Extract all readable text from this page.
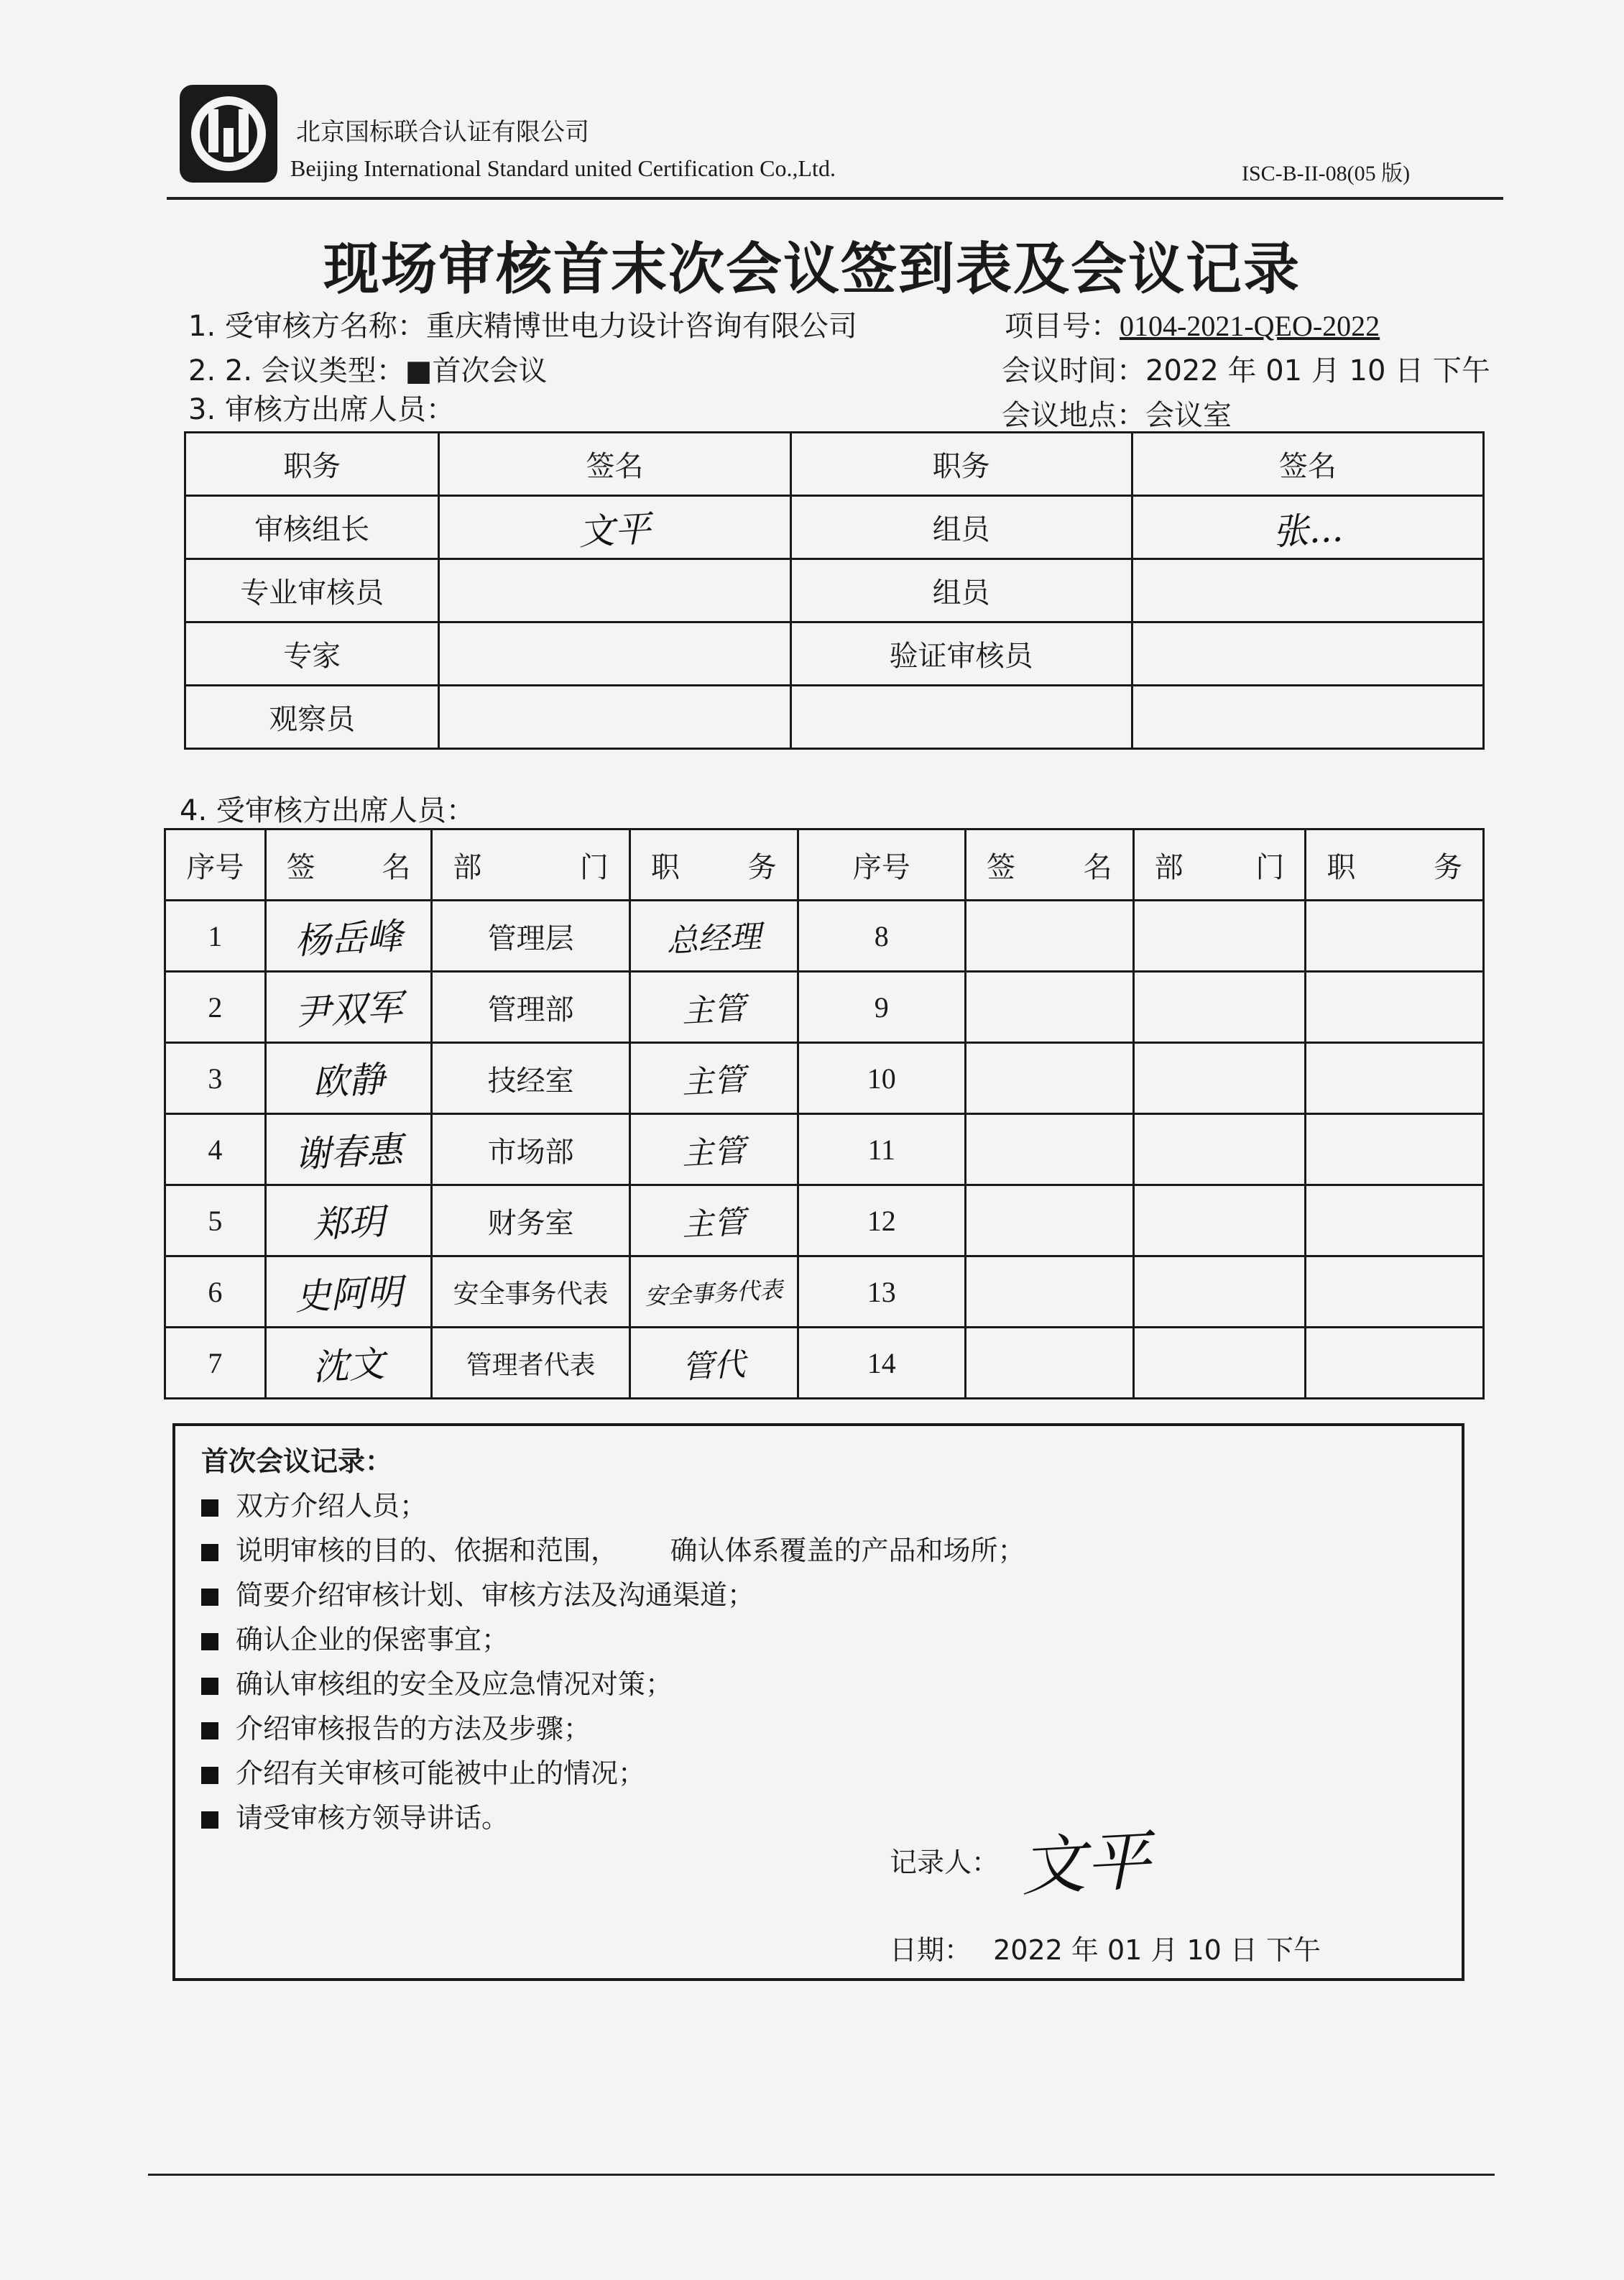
北京国标联合认证有限公司
Beijing International Standard united Certification Co.,Ltd.	ISC-B-II-08(05 版)
现场审核首末次会议签到表及会议记录
1. 受审核方名称：重庆精博世电力设计咨询有限公司	项目号：0104-2021-QEO-2022
2. 2. 会议类型：■首次会议	会议时间：2022 年 01 月 10 日 下午
3. 审核方出席人员：	会议地点：会议室
职务	签名	职务	签名
审核组长	文平	组员	张...
专业审核员		组员	
专家		验证审核员	
观察员			
4. 受审核方出席人员：
序号	签 名	部 门	职 务	序号	签 名	部 门	职 务

1	杨岳峰	管理层	总经理	8			
2	尹双军	管理部	主管	9			
3	欧静	技经室	主管	10			
4	谢春惠	市场部	主管	11			
5	郑玥	财务室	主管	12			
6	史阿明	安全事务代表	安全事务代表	13			
7	沈文	管理者代表	管代	14			
首次会议记录：
双方介绍人员；
说明审核的目的、依据和范围，      确认体系覆盖的产品和场所；
简要介绍审核计划、审核方法及沟通渠道；
确认企业的保密事宜；
确认审核组的安全及应急情况对策；
介绍审核报告的方法及步骤；
介绍有关审核可能被中止的情况；
请受审核方领导讲话。
记录人： 文平
日期： 2022 年 01 月 10 日 下午
